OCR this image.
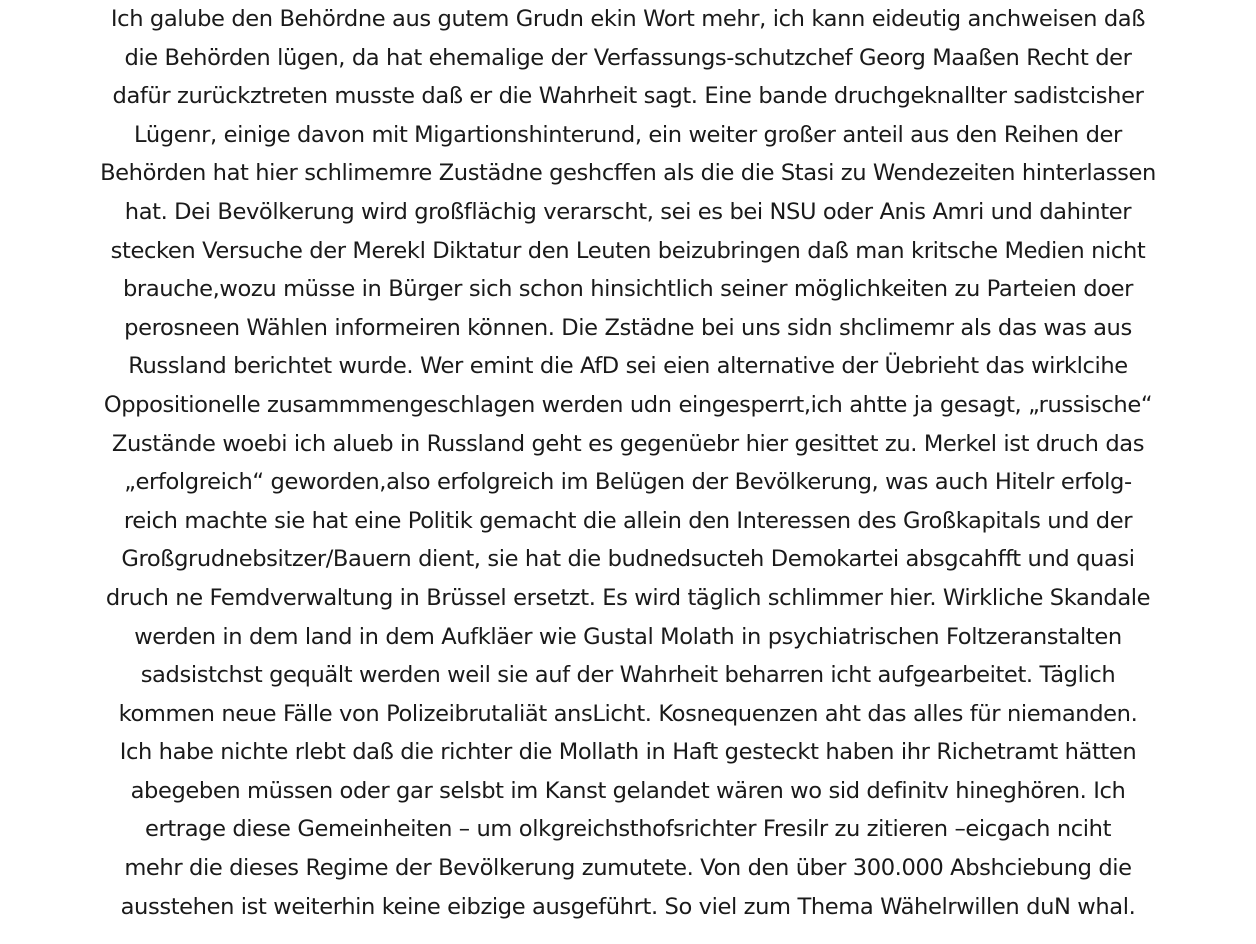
Ich galube den Behördne aus gutem Grudn ekin Wort mehr, ich kann eideutig anchweisen daß
die Behörden lügen, da hat ehemalige der Verfassungs-schutzchef Georg Maaßen Recht der
dafür zurückztreten musste daß er die Wahrheit sagt. Eine bande druchgeknallter sadistcisher
Lügenr, einige davon mit Migartionshinterund, ein weiter großer anteil aus den Reihen der
Behörden hat hier schlimemre Zustädne geshcffen als die die Stasi zu Wendezeiten hinterlassen
hat. Dei Bevölkerung wird großflächig verarscht, sei es bei NSU oder Anis Amri und dahinter
stecken Versuche der Merekl Diktatur den Leuten beizubringen daß man kritsche Medien nicht
brauche,wozu müsse in Bürger sich schon hinsichtlich seiner möglichkeiten zu Parteien doer
perosneen Wählen informeiren können. Die Zstädne bei uns sidn shclimemr als das was aus
Russland berichtet wurde. Wer emint die AfD sei eien alternative der Üebrieht das wirklcihe
Oppositionelle zusammmengeschlagen werden udn eingesperrt,ich ahtte ja gesagt, „russische“
Zustände woebi ich alueb in Russland geht es gegenüebr hier gesittet zu. Merkel ist druch das
„erfolgreich“ geworden,also erfolgreich im Belügen der Bevölkerung, was auch Hitelr erfolg-
reich machte sie hat eine Politik gemacht die allein den Interessen des Großkapitals und der
Großgrudnebsitzer/Bauern dient, sie hat die budnedsucteh Demokartei absgcahfft und quasi
druch ne Femdverwaltung in Brüssel ersetzt. Es wird täglich schlimmer hier. Wirkliche Skandale
werden in dem land in dem Aufkläer wie Gustal Molath in psychiatrischen Foltzeranstalten
sadsistchst gequält werden weil sie auf der Wahrheit beharren icht aufgearbeitet. Täglich
kommen neue Fälle von Polizeibrutaliät ansLicht. Kosnequenzen aht das alles für niemanden.
Ich habe nichte rlebt daß die richter die Mollath in Haft gesteckt haben ihr Richetramt hätten
abegeben müssen oder gar selsbt im Kanst gelandet wären wo sid definitv hineghören. Ich
ertrage diese Gemeinheiten – um olkgreichsthofsrichter Fresilr zu zitieren –eicgach nciht
mehr die dieses Regime der Bevölkerung zumutete. Von den über 300.000 Abshciebung die
ausstehen ist weiterhin keine eibzige ausgeführt. So viel zum Thema Wähelrwillen duN whal.
